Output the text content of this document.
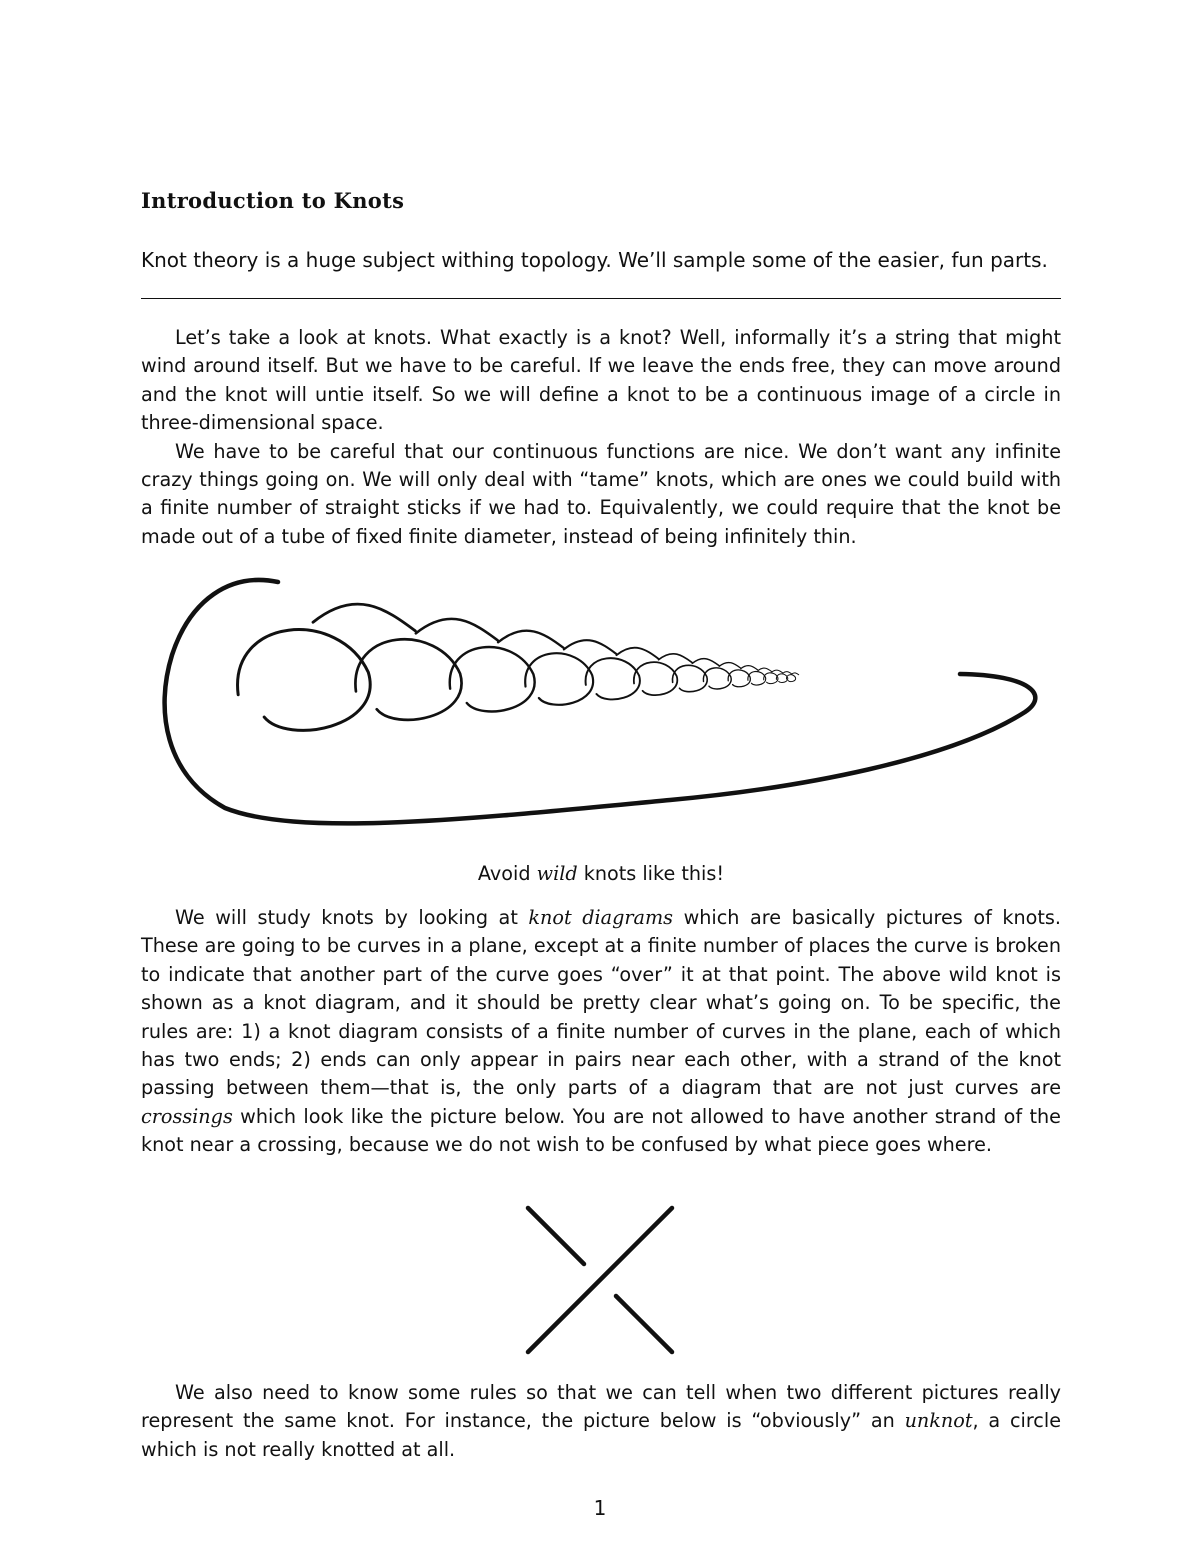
Introduction to Knots
Knot theory is a huge subject withing topology. We’ll sample some of the easier, fun parts.

Let’s take a look at knots. What exactly is a knot? Well, informally it’s a string that might wind around itself. But we have to be careful. If we leave the ends free, they can move around and the knot will untie itself. So we will define a knot to be a continuous image of a circle in three-dimensional space.

We have to be careful that our continuous functions are nice. We don’t want any infinite crazy things going on. We will only deal with “tame” knots, which are ones we could build with a finite number of straight sticks if we had to. Equivalently, we could require that the knot be made out of a tube of fixed finite diameter, instead of being infinitely thin.

Avoid wild knots like this!

We will study knots by looking at knot diagrams which are basically pictures of knots. These are going to be curves in a plane, except at a finite number of places the curve is broken to indicate that another part of the curve goes “over” it at that point. The above wild knot is shown as a knot diagram, and it should be pretty clear what’s going on. To be specific, the rules are: 1) a knot diagram consists of a finite number of curves in the plane, each of which has two ends; 2) ends can only appear in pairs near each other, with a strand of the knot passing between them—that is, the only parts of a diagram that are not just curves are crossings which look like the picture below. You are not allowed to have another strand of the knot near a crossing, because we do not wish to be confused by what piece goes where.

We also need to know some rules so that we can tell when two different pictures really represent the same knot. For instance, the picture below is “obviously” an unknot, a circle which is not really knotted at all.

1
